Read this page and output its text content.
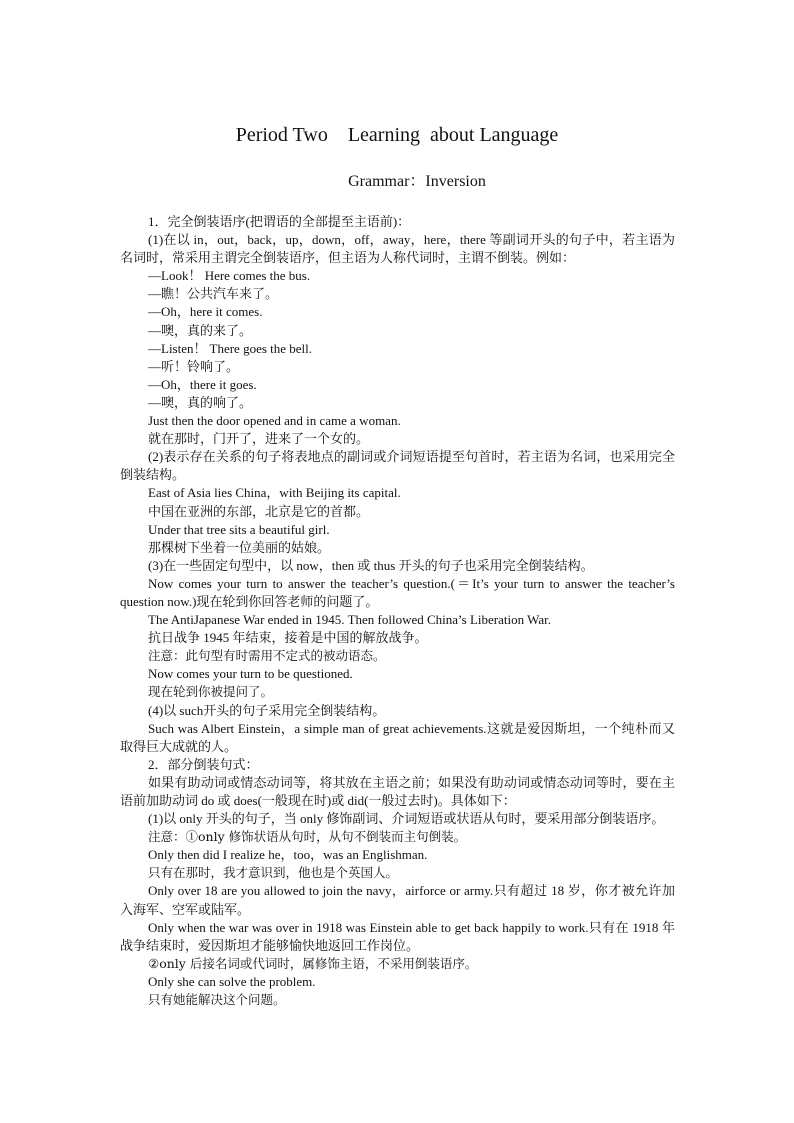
Period Two    Learning  about Language
Grammar：Inversion

1．完全倒装语序(把谓语的全部提至主语前)：

(1)在以 in，out，back，up，down，off，away，here，there 等副词开头的句子中，若主语为名词时，常采用主谓完全倒装语序，但主语为人称代词时，主谓不倒装。例如：

—Look！ Here comes the bus.

—瞧！公共汽车来了。

—Oh，here it comes.

—噢，真的来了。

—Listen！ There goes the bell.

—听！铃响了。

—Oh，there it goes.

—噢，真的响了。

Just then the door opened and in came a woman.

就在那时，门开了，进来了一个女的。

(2)表示存在关系的句子将表地点的副词或介词短语提至句首时，若主语为名词，也采用完全倒装结构。

East of Asia lies China，with Beijing its capital.

中国在亚洲的东部，北京是它的首都。

Under that tree sits a beautiful girl.

那棵树下坐着一位美丽的姑娘。

(3)在一些固定句型中，以 now，then 或 thus 开头的句子也采用完全倒装结构。

Now comes your turn to answer the teacher’s question.(＝It’s your turn to answer the teacher’s question now.)现在轮到你回答老师的问题了。

The AntiJapanese War ended in 1945. Then followed China’s Liberation War.

抗日战争 1945 年结束，接着是中国的解放战争。

注意：此句型有时需用不定式的被动语态。

Now comes your turn to be questioned.

现在轮到你被提问了。

(4)以 such开头的句子采用完全倒装结构。

Such was Albert Einstein，a simple man of great achievements.这就是爱因斯坦，一个纯朴而又取得巨大成就的人。

2．部分倒装句式：

如果有助动词或情态动词等，将其放在主语之前；如果没有助动词或情态动词等时，要在主语前加助动词 do 或 does(一般现在时)或 did(一般过去时)。具体如下：

(1)以 only 开头的句子，当 only 修饰副词、介词短语或状语从句时，要采用部分倒装语序。

注意：①only 修饰状语从句时，从句不倒装而主句倒装。

Only then did I realize he，too，was an Englishman.

只有在那时，我才意识到，他也是个英国人。

Only over 18 are you allowed to join the navy，airforce or army.只有超过 18 岁，你才被允许加入海军、空军或陆军。

Only when the war was over in 1918 was Einstein able to get back happily to work.只有在 1918 年战争结束时，爱因斯坦才能够愉快地返回工作岗位。

②only 后接名词或代词时，属修饰主语，不采用倒装语序。

Only she can solve the problem.

只有她能解决这个问题。
